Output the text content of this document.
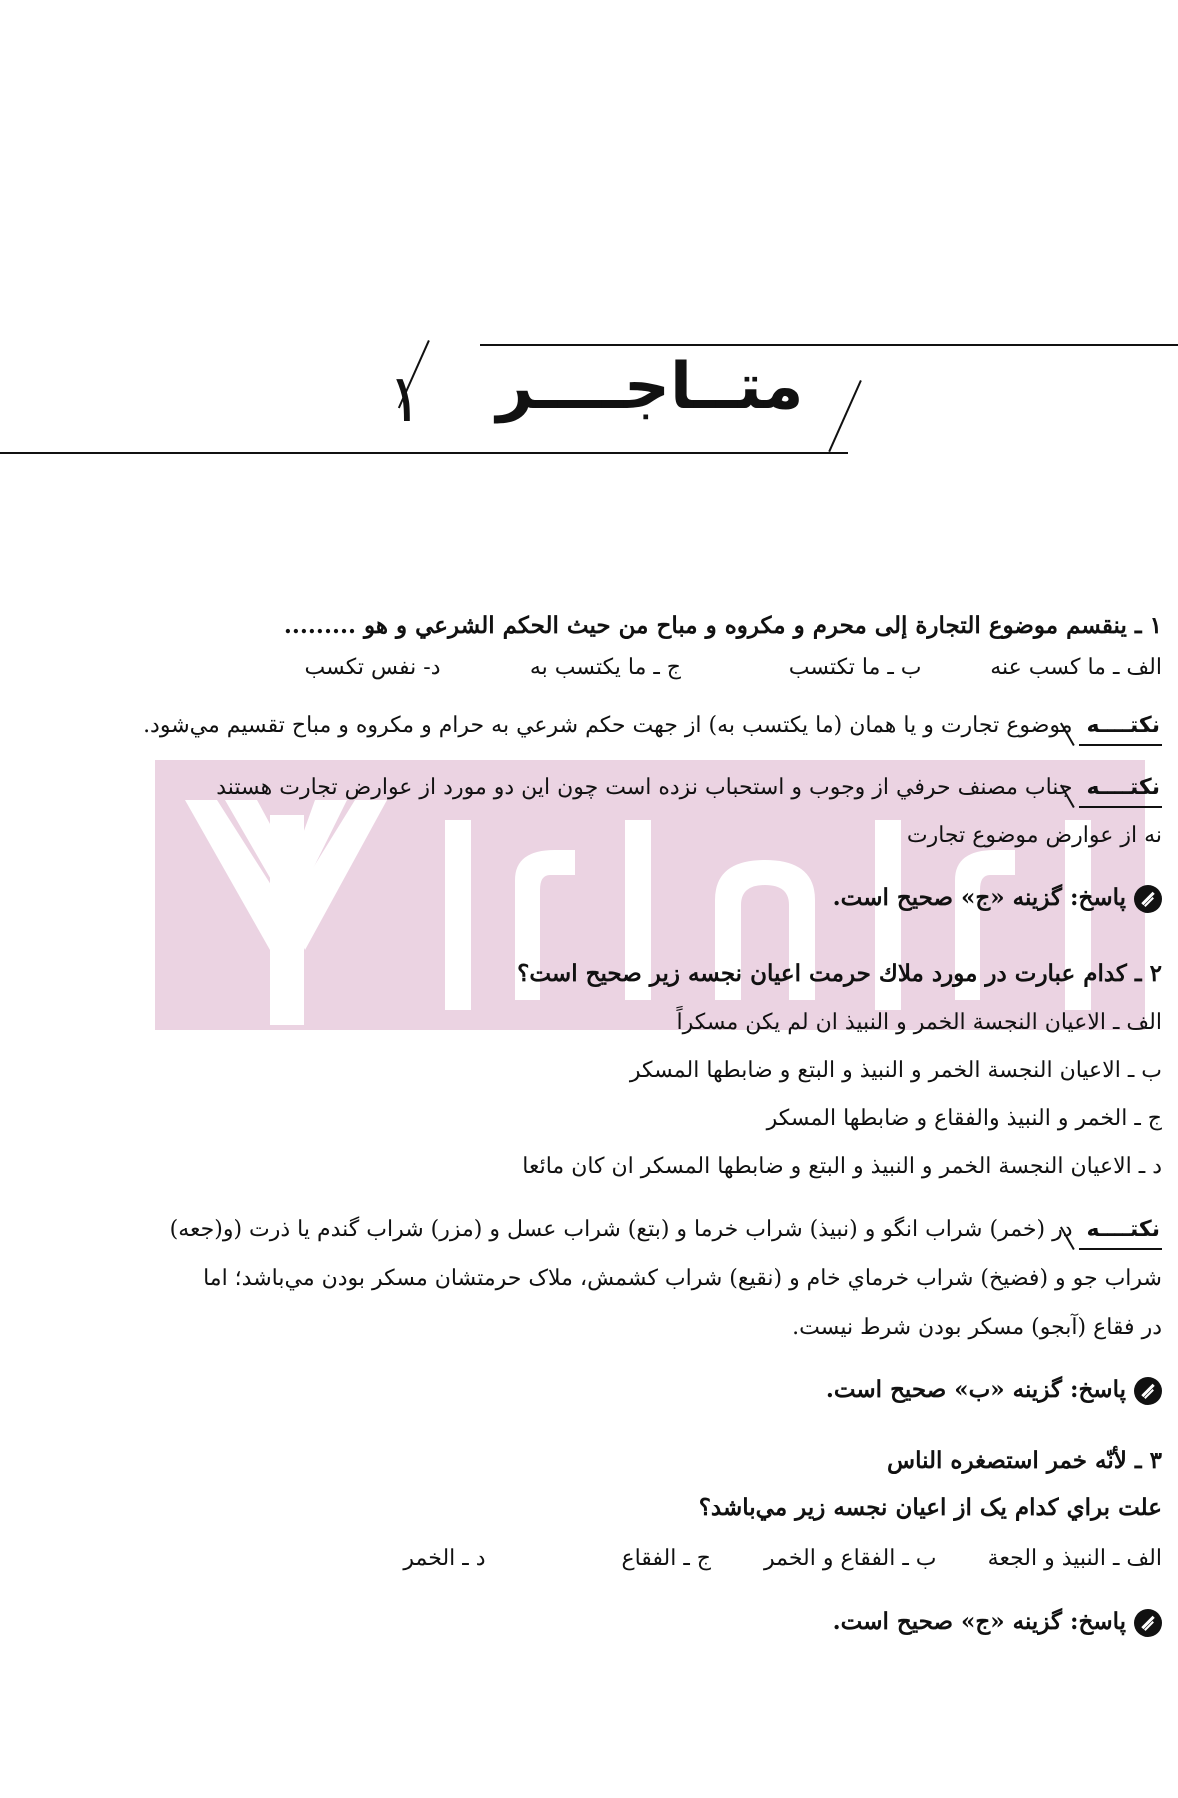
متــاجــــر
١
١ ـ ينقسم موضوع التجارة إلى محرم و مكروه و مباح من حيث الحكم الشرعي و هو .........
الف ـ ما كسب عنه
ب ـ ما تكتسب
ج ـ ما يكتسب به
د- نفس تكسب
نكتــــهموضوع تجارت و يا همان (ما يكتسب به) از جهت حكم شرعي به حرام و مكروه و مباح تقسيم مي‌شود.
نكتــــهجناب مصنف حرفي از وجوب و استحباب نزده است چون اين دو مورد از عوارض تجارت هستند
نه از عوارض موضوع تجارت
پاسخ: گزينه «ج» صحيح است.
٢ ـ كدام عبارت در مورد ملاك حرمت اعيان نجسه زير صحيح است؟
الف ـ الاعيان النجسة الخمر و النبيذ ان لم يكن مسكراً
ب ـ الاعيان النجسة الخمر و النبيذ و البتع و ضابطها المسكر
ج ـ الخمر و النبيذ والفقاع و ضابطها المسكر
د ـ الاعيان النجسة الخمر و النبيذ و البتع و ضابطها المسكر ان كان مائعا
نكتــــهدر (خمر) شراب انگو و (نبيذ) شراب خرما و (بتع) شراب عسل و (مزر) شراب گندم يا ذرت (و(جعه)
شراب جو و (فضيخ) شراب خرماي خام و (نقيع) شراب كشمش، ملاک حرمتشان مسكر بودن مي‌باشد؛ اما
در فقاع (آبجو) مسكر بودن شرط نيست.
پاسخ: گزينه «ب» صحيح است.
٣ ـ لأنّه خمر استصغره الناس
علت براي كدام يک از اعيان نجسه زير مي‌باشد؟
الف ـ النبيذ و الجعة
ب ـ الفقاع و الخمر
ج ـ الفقاع
د ـ الخمر
پاسخ: گزينه «ج» صحيح است.
